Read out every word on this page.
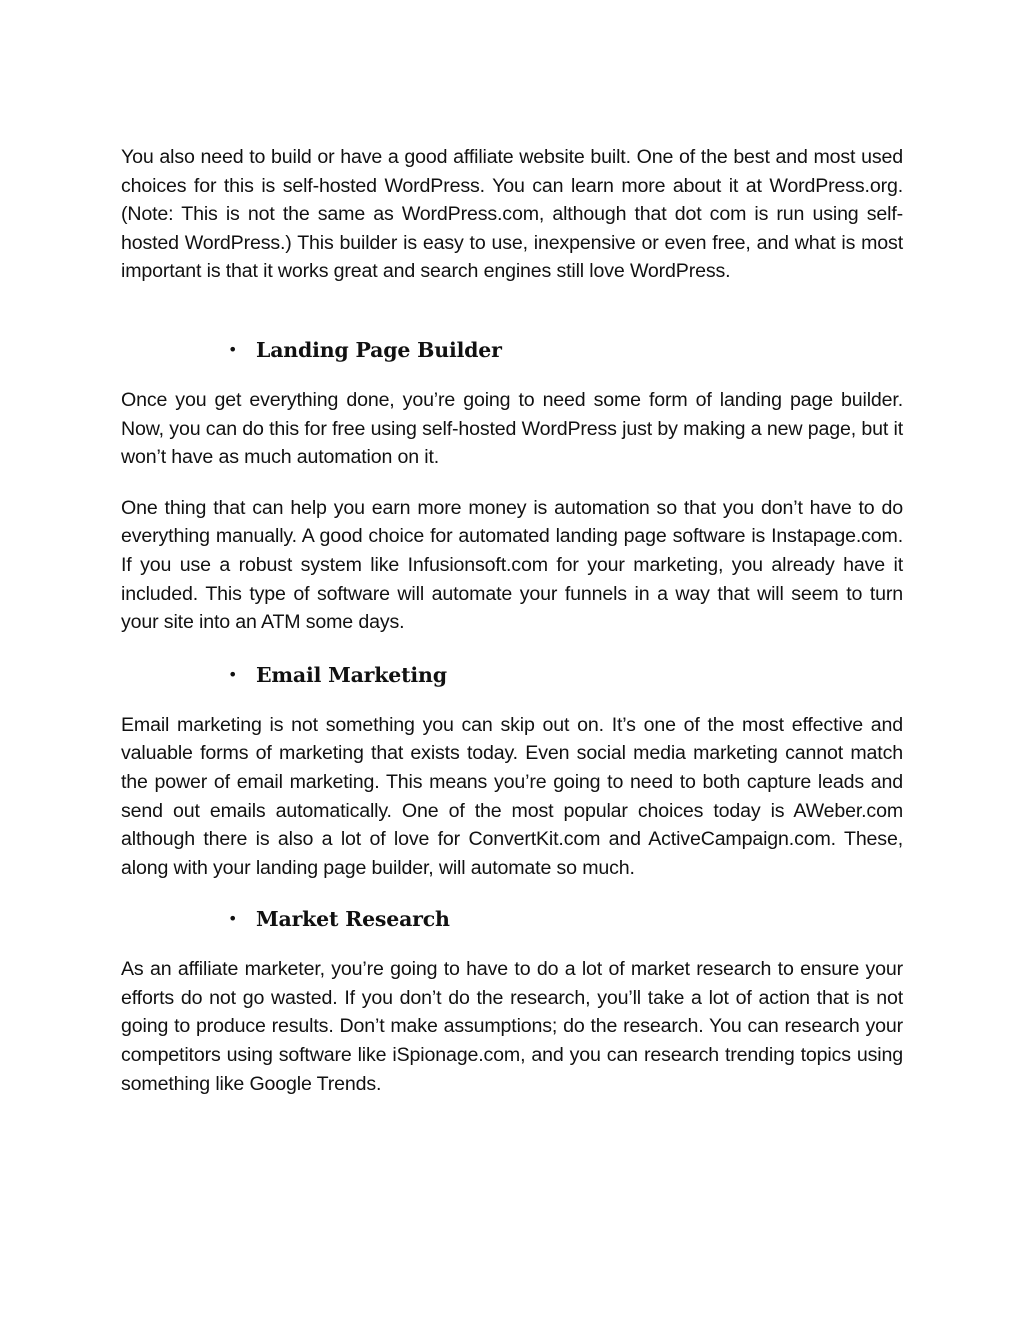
You also need to build or have a good affiliate website built. One of the best and most used choices for this is self-hosted WordPress. You can learn more about it at WordPress.org. (Note: This is not the same as WordPress.com, although that dot com is run using self-hosted WordPress.) This builder is easy to use, inexpensive or even free, and what is most important is that it works great and search engines still love WordPress.

• Landing Page Builder

Once you get everything done, you’re going to need some form of landing page builder. Now, you can do this for free using self-hosted WordPress just by making a new page, but it won’t have as much automation on it.

One thing that can help you earn more money is automation so that you don’t have to do everything manually. A good choice for automated landing page software is Instapage.com. If you use a robust system like Infusionsoft.com for your marketing, you already have it included. This type of software will automate your funnels in a way that will seem to turn your site into an ATM some days.

• Email Marketing

Email marketing is not something you can skip out on. It’s one of the most effective and valuable forms of marketing that exists today. Even social media marketing cannot match the power of email marketing. This means you’re going to need to both capture leads and send out emails automatically. One of the most popular choices today is AWeber.com although there is also a lot of love for ConvertKit.com and ActiveCampaign.com. These, along with your landing page builder, will automate so much.

• Market Research

As an affiliate marketer, you’re going to have to do a lot of market research to ensure your efforts do not go wasted. If you don’t do the research, you’ll take a lot of action that is not going to produce results. Don’t make assumptions; do the research. You can research your competitors using software like iSpionage.com, and you can research trending topics using something like Google Trends.
